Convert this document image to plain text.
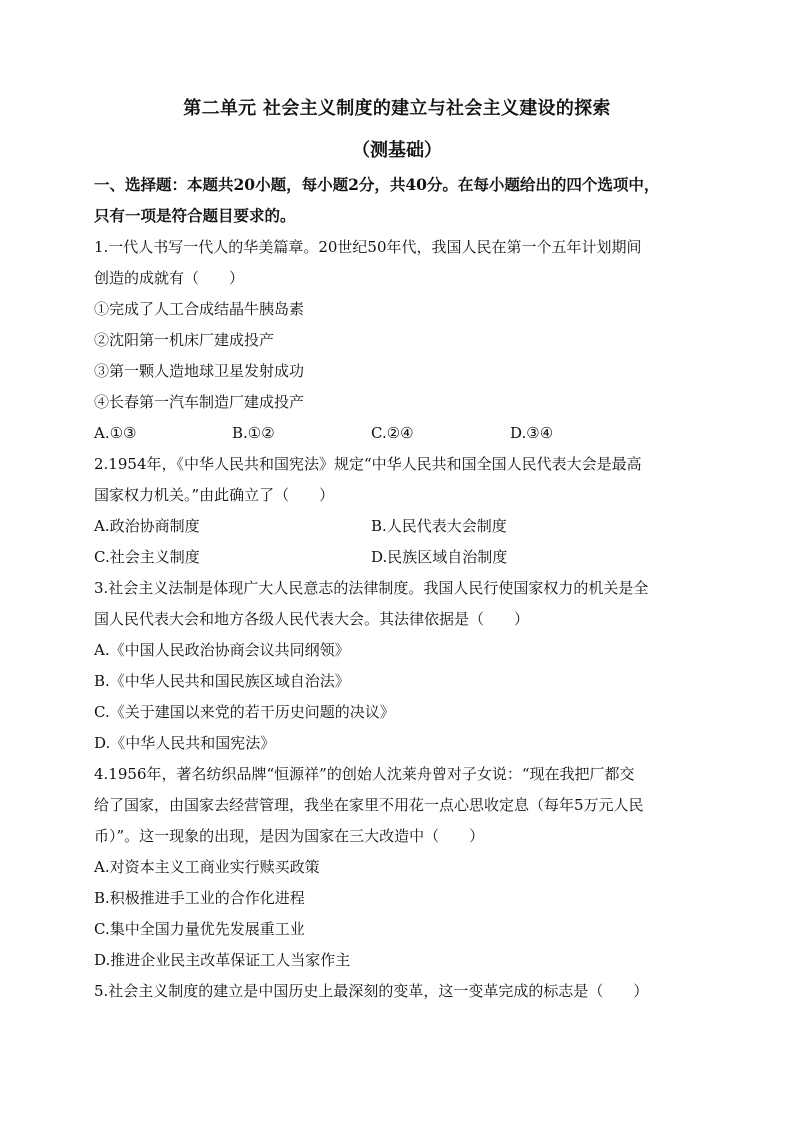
第二单元 社会主义制度的建立与社会主义建设的探索
（测基础）
一、选择题：本题共20小题，每小题2分，共40分。在每小题给出的四个选项中，
只有一项是符合题目要求的。
1.一代人书写一代人的华美篇章。20世纪50年代，我国人民在第一个五年计划期间
创造的成就有（　　）
①完成了人工合成结晶牛胰岛素
②沈阳第一机床厂建成投产
③第一颗人造地球卫星发射成功
④长春第一汽车制造厂建成投产
A.①③	B.①②	C.②④	D.③④
2.1954年，《中华人民共和国宪法》规定“中华人民共和国全国人民代表大会是最高
国家权力机关。”由此确立了（　　）
A.政治协商制度	B.人民代表大会制度
C.社会主义制度	D.民族区域自治制度
3.社会主义法制是体现广大人民意志的法律制度。我国人民行使国家权力的机关是全
国人民代表大会和地方各级人民代表大会。其法律依据是（　　）
A.《中国人民政治协商会议共同纲领》
B.《中华人民共和国民族区域自治法》
C.《关于建国以来党的若干历史问题的决议》
D.《中华人民共和国宪法》
4.1956年，著名纺织品牌“恒源祥”的创始人沈莱舟曾对子女说：“现在我把厂都交
给了国家，由国家去经营管理，我坐在家里不用花一点心思收定息（每年5万元人民
币）”。这一现象的出现，是因为国家在三大改造中（　　）
A.对资本主义工商业实行赎买政策
B.积极推进手工业的合作化进程
C.集中全国力量优先发展重工业
D.推进企业民主改革保证工人当家作主
5.社会主义制度的建立是中国历史上最深刻的变革，这一变革完成的标志是（　　）
